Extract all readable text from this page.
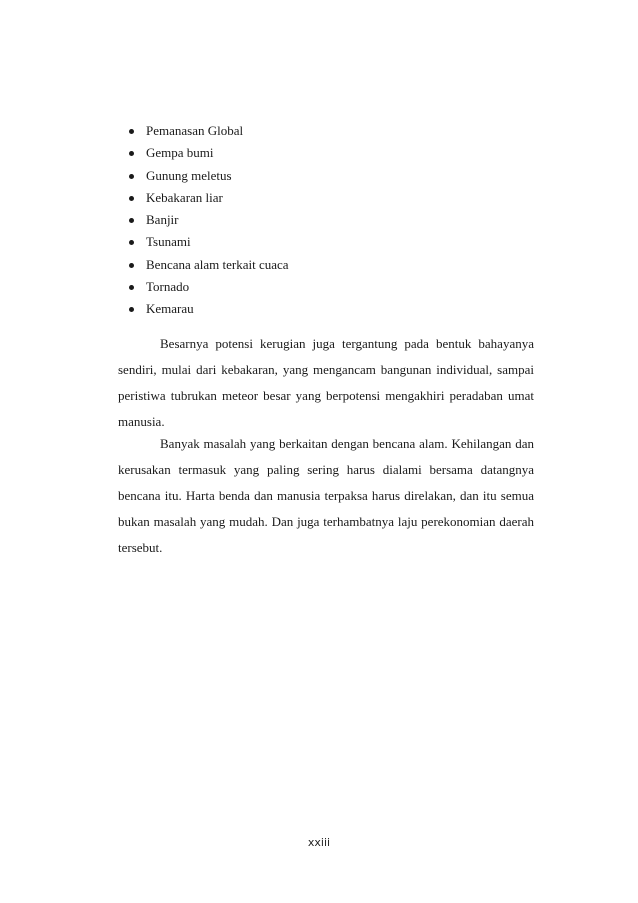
Pemanasan Global
Gempa bumi
Gunung meletus
Kebakaran liar
Banjir
Tsunami
Bencana alam terkait cuaca
Tornado
Kemarau

Besarnya potensi kerugian juga tergantung pada bentuk bahayanya sendiri, mulai dari kebakaran, yang mengancam bangunan individual, sampai peristiwa tubrukan meteor besar yang berpotensi mengakhiri peradaban umat manusia.

Banyak masalah yang berkaitan dengan bencana alam. Kehilangan dan kerusakan termasuk yang paling sering harus dialami bersama datangnya bencana itu. Harta benda dan manusia terpaksa harus direlakan, dan itu semua bukan masalah yang mudah. Dan juga terhambatnya laju perekonomian daerah tersebut.

xxiii
